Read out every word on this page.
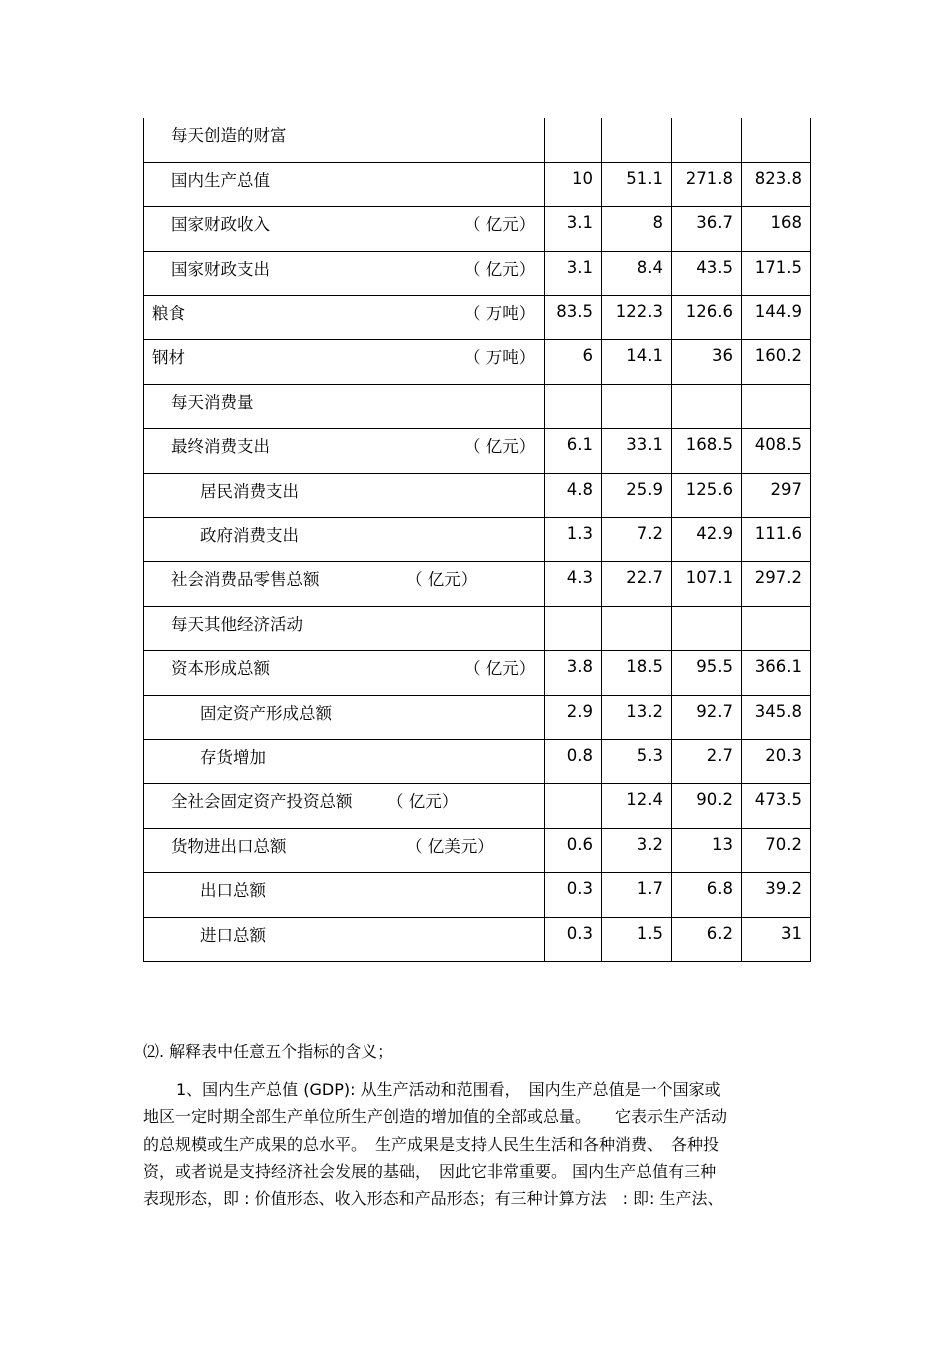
每天创造的财富				

国内生产总值	10	51.1	271.8	823.8

国家财政收入 （ 亿元）	3.1	8	36.7	168

国家财政支出 （ 亿元）	3.1	8.4	43.5	171.5

粮食 （ 万吨）	83.5	122.3	126.6	144.9

钢材 （ 万吨）	6	14.1	36	160.2

每天消费量				

最终消费支出 （ 亿元）	6.1	33.1	168.5	408.5

居民消费支出	4.8	25.9	125.6	297

政府消费支出	1.3	7.2	42.9	111.6

社会消费品零售总额 （ 亿元）	4.3	22.7	107.1	297.2

每天其他经济活动				

资本形成总额 （ 亿元）	3.8	18.5	95.5	366.1

固定资产形成总额	2.9	13.2	92.7	345.8

存货增加	0.8	5.3	2.7	20.3

全社会固定资产投资总额 （ 亿元）		12.4	90.2	473.5

货物进出口总额 （ 亿美元）	0.6	3.2	13	70.2

出口总额	0.3	1.7	6.8	39.2

进口总额	0.3	1.5	6.2	31
⑵. 解释表中任意五个指标的含义；
1、国内生产总值 (GDP): 从生产活动和范围看，　国内生产总值是一个国家或
地区一定时期全部生产单位所生产创造的增加值的全部或总量。　　它表示生产活动
的总规模或生产成果的总水平。　生产成果是支持人民生生活和各种消费、　各种投
资，或者说是支持经济社会发展的基础，　因此它非常重要。 国内生产总值有三种
表现形态，即 : 价值形态、收入形态和产品形态；有三种计算方法　: 即: 生产法、
